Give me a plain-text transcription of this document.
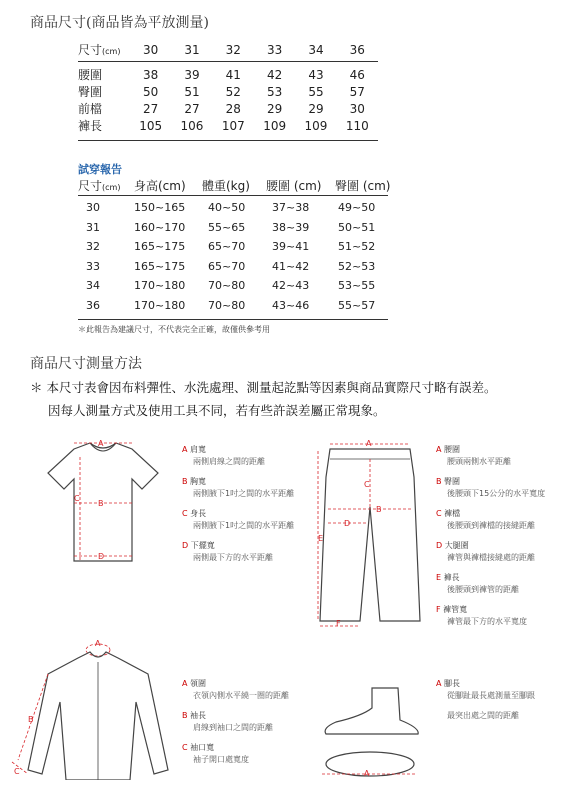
商品尺寸(商品皆為平放測量)
尺寸(cm)	30	31	32	33	34	36
腰圍	38	39	41	42	43	46
臀圍	50	51	52	53	55	57
前檔	27	27	28	29	29	30
褲長	105	106	107	109	109	110
試穿報告
尺寸(cm) 身高(cm) 體重(kg) 腰圍 (cm) 臀圍 (cm)
30	150~165 40~50 37~38	49~50
31	160~170 55~65 38~39	50~51
32	165~175 65~70 39~41	51~52
33	165~175 65~70 41~42	52~53
34	170~180 70~80 42~43	53~55
36	170~180 70~80 43~46	55~57
＊此報告為建議尺寸，不代表完全正確，故僅供參考用
商品尺寸測量方法
＊ 本尺寸表會因布料彈性、水洗處理、測量起訖點等因素與商品實際尺寸略有誤差。
因每人測量方式及使用工具不同，若有些許誤差屬正常現象。
A
B
C
D
A 肩寬
兩側肩線之間的距離
B 胸寬
兩側腋下1吋之間的水平距離
C 身長
兩側腋下1吋之間的水平距離
D 下擺寬
兩側最下方的水平距離
A
B
C
D
E
F
A 腰圍
腰頭兩側水平距離
B 臀圍
後腰頭下15公分的水平寬度
C 褲檔
後腰頭到褲檔的接縫距離
D 大腿圍
褲管與褲檔接縫處的距離
E 褲長
後腰頭到褲管的距離
F 褲管寬
褲管最下方的水平寬度
A
B
C
A 領圍
衣領內側水平繞一圈的距離
B 袖長
肩線到袖口之間的距離
C 袖口寬
袖子開口處寬度
A
A 腳長
從腳趾最長處測量至腳跟
最突出處之間的距離
